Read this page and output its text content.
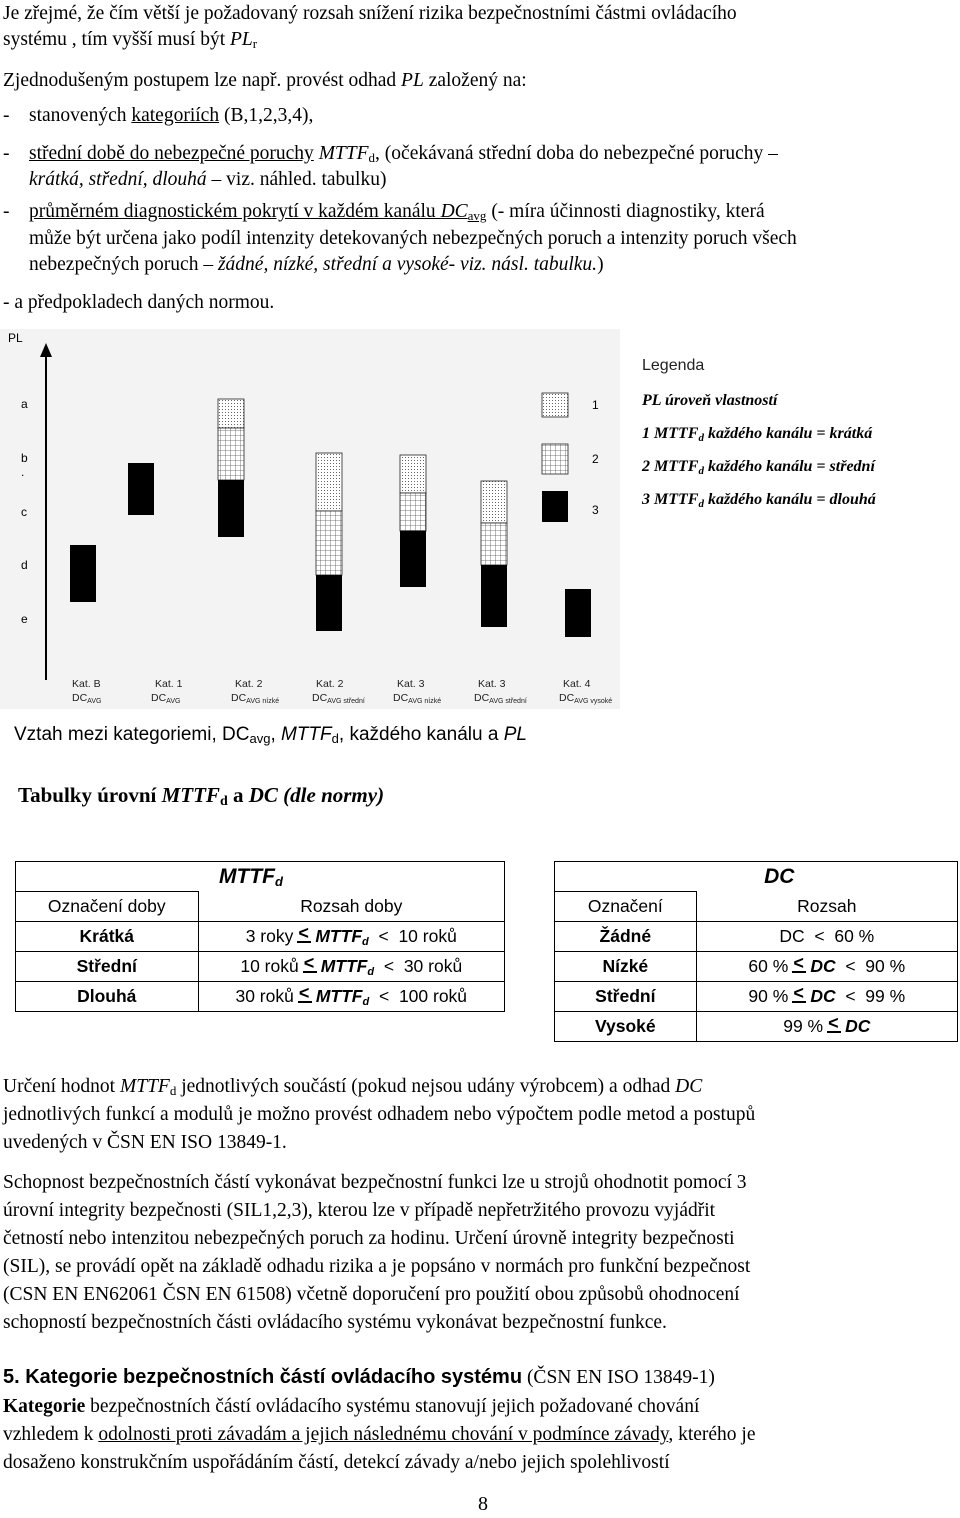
Je zřejmé, že čím větší je požadovaný rozsah snížení rizika bezpečnostními částmi ovládacího
systému , tím vyšší musí být $PL_r$
Zjednodušeným postupem lze např. provést odhad PL založený na:
- stanovených kategoriích (B,1,2,3,4),
- střední době do nebezpečné poruchy $MTTF_d$, (očekávaná střední doba do nebezpečné poruchy –
krátká, střední, dlouhá – viz. náhled. tabulku)
- průměrném diagnostickém pokrytí v každém kanálu $DC_{avg}$ (- míra účinnosti diagnostiky, která
může být určena jako podíl intenzity detekovaných nebezpečných poruch a intenzity poruch všech
nebezpečných poruch – žádné, nízké, střední a vysoké- viz. násl. tabulku.)
- a předpokladech daných normou.
PL
a
b
.
c
d
e
1
2
3
Kat. B
DCAVG
Kat. 1
DCAVG
Kat. 2
DCAVG nízké
Kat. 2
DCAVG střední
Kat. 3
DCAVG nízké
Kat. 3
DCAVG střední
Kat. 4
DCAVG vysoké
Legenda
PL úroveň vlastností
1 $MTTF_d$ každého kanálu = krátká
2 $MTTF_d$ každého kanálu = střední
3 $MTTF_d$ každého kanálu = dlouhá
Vztah mezi kategoriemi, $DC_{avg}$, $MTTF_d$, každého kanálu a PL
Tabulky úrovní $MTTF_d$ a DC (dle normy)
	$MTTF_d$
Označení doby	Rozsah doby
Krátká	3 roky < $MTTF_d < 10$ roků
Střední	10 roků < $MTTF_d < 30$ roků
Dlouhá	30 roků < $MTTF_d < 100$ roků
	DC
Označení	Rozsah
Žádné	DC < 60 %
Nízké	60 % < DC < 90 %
Střední	90 % < DC < 99 %
Vysoké	99 % < DC
Určení hodnot $MTTF_d$ jednotlivých součástí (pokud nejsou udány výrobcem) a odhad DC
jednotlivých funkcí a modulů je možno provést odhadem nebo výpočtem podle metod a postupů
uvedených v ČSN EN ISO 13849-1.
Schopnost bezpečnostních částí vykonávat bezpečnostní funkci lze u strojů ohodnotit pomocí 3
úrovní integrity bezpečnosti (SIL1,2,3), kterou lze v případě nepřetržitého provozu vyjádřit
četností nebo intenzitou nebezpečných poruch za hodinu. Určení úrovně integrity bezpečnosti
(SIL), se provádí opět na základě odhadu rizika a je popsáno v normách pro funkční bezpečnost
(CSN EN EN62061 ČSN EN 61508) včetně doporučení pro použití obou způsobů ohodnocení
schopností bezpečnostních části ovládacího systému vykonávat bezpečnostní funkce.
5. Kategorie bezpečnostních částí ovládacího systému (ČSN EN ISO 13849-1)
Kategorie bezpečnostních částí ovládacího systému stanovují jejich požadované chování
vzhledem k odolnosti proti závadám a jejich následnému chování v podmínce závady, kterého je
dosaženo konstrukčním uspořádáním částí, detekcí závady a/nebo jejich spolehlivostí
8
